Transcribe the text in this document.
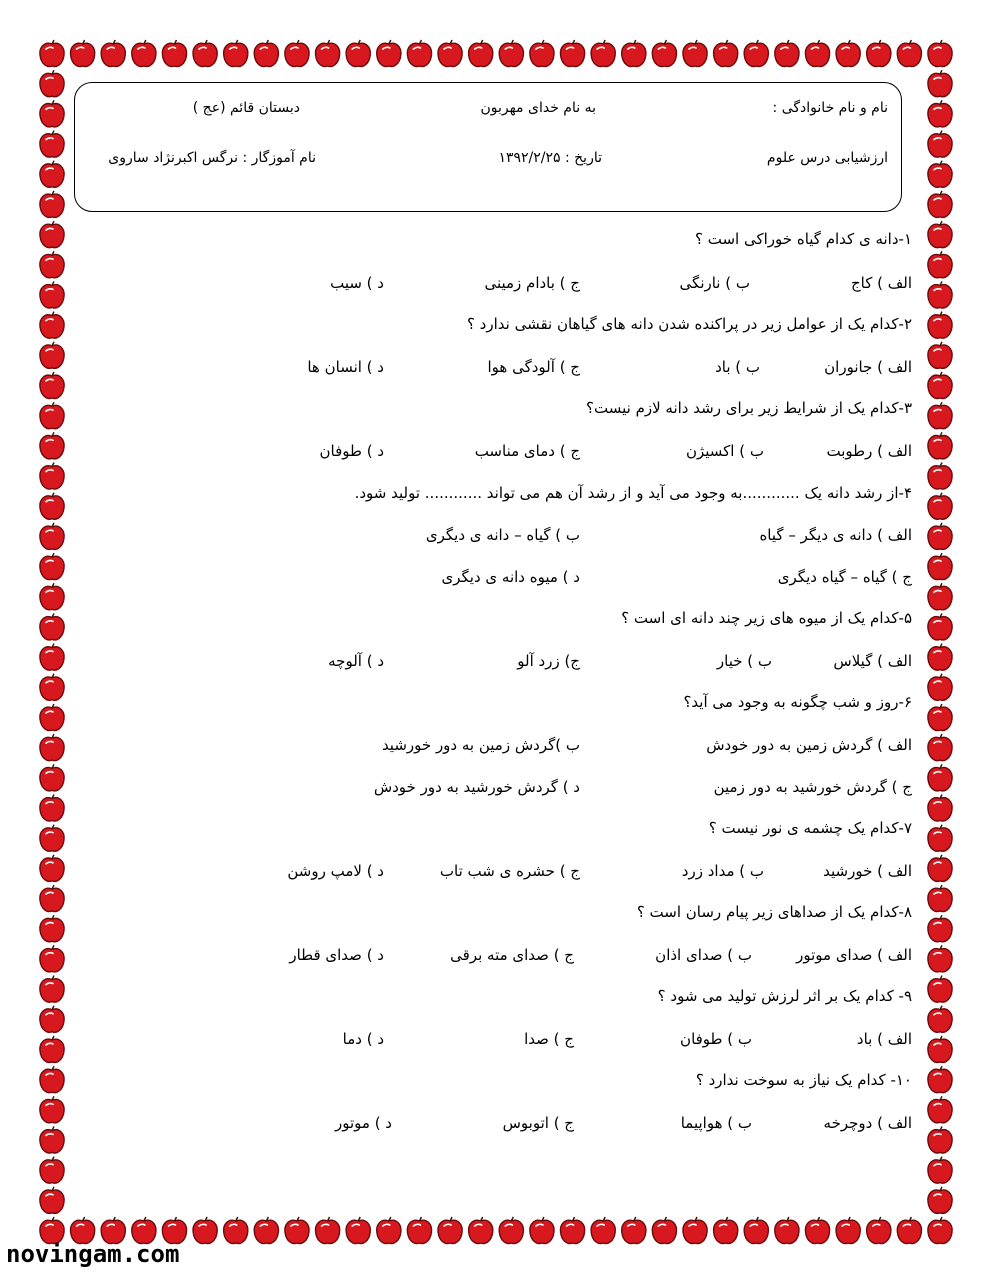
نام و نام خانوادگی :
به نام خدای مهربون
دبستان قائم (عج )
ارزشیابی درس علوم
تاریخ : ۱۳۹۲/۲/۲۵
نام آموزگار : نرگس اکبرنژاد ساروی
۱-دانه ی کدام گیاه خوراکی است ؟
الف ) کاج
ب ) نارنگی
ج ) بادام زمینی
د ) سیب
۲-کدام یک از عوامل زیر در پراکنده شدن دانه های گیاهان نقشی ندارد ؟
الف ) جانوران
ب ) باد
ج ) آلودگی هوا
د ) انسان ها
۳-کدام یک از شرایط زیر برای رشد دانه لازم نیست؟
الف ) رطوبت
ب ) اکسیژن
ج ) دمای مناسب
د ) طوفان
۴-از رشد دانه یک ............به وجود می آید و از رشد آن هم می تواند ............ تولید شود.
الف ) دانه ی دیگر – گیاه
ب ) گیاه – دانه ی دیگری
ج ) گیاه – گیاه دیگری
د ) میوه دانه ی دیگری
۵-کدام یک از میوه های زیر چند دانه ای است ؟
الف ) گیلاس
ب ) خیار
ج) زرد آلو
د ) آلوچه
۶-روز و شب چگونه به وجود می آید؟
الف ) گردش زمین به دور خودش
ب )گردش زمین به دور خورشید
ج ) گردش خورشید به دور زمین
د ) گردش خورشید به دور خودش
۷-کدام یک چشمه ی نور نیست ؟
الف ) خورشید
ب ) مداد زرد
ج ) حشره ی شب تاب
د ) لامپ روشن
۸-کدام یک از صداهای زیر پیام رسان است ؟
الف ) صدای موتور
ب ) صدای اذان
ج ) صدای مته برقی
د ) صدای قطار
۹- کدام یک بر اثر لرزش تولید می شود ؟
الف ) باد
ب ) طوفان
ج ) صدا
د ) دما
۱۰- کدام یک نیاز به سوخت ندارد ؟
الف ) دوچرخه
ب ) هواپیما
ج ) اتوبوس
د ) موتور
novingam.com
